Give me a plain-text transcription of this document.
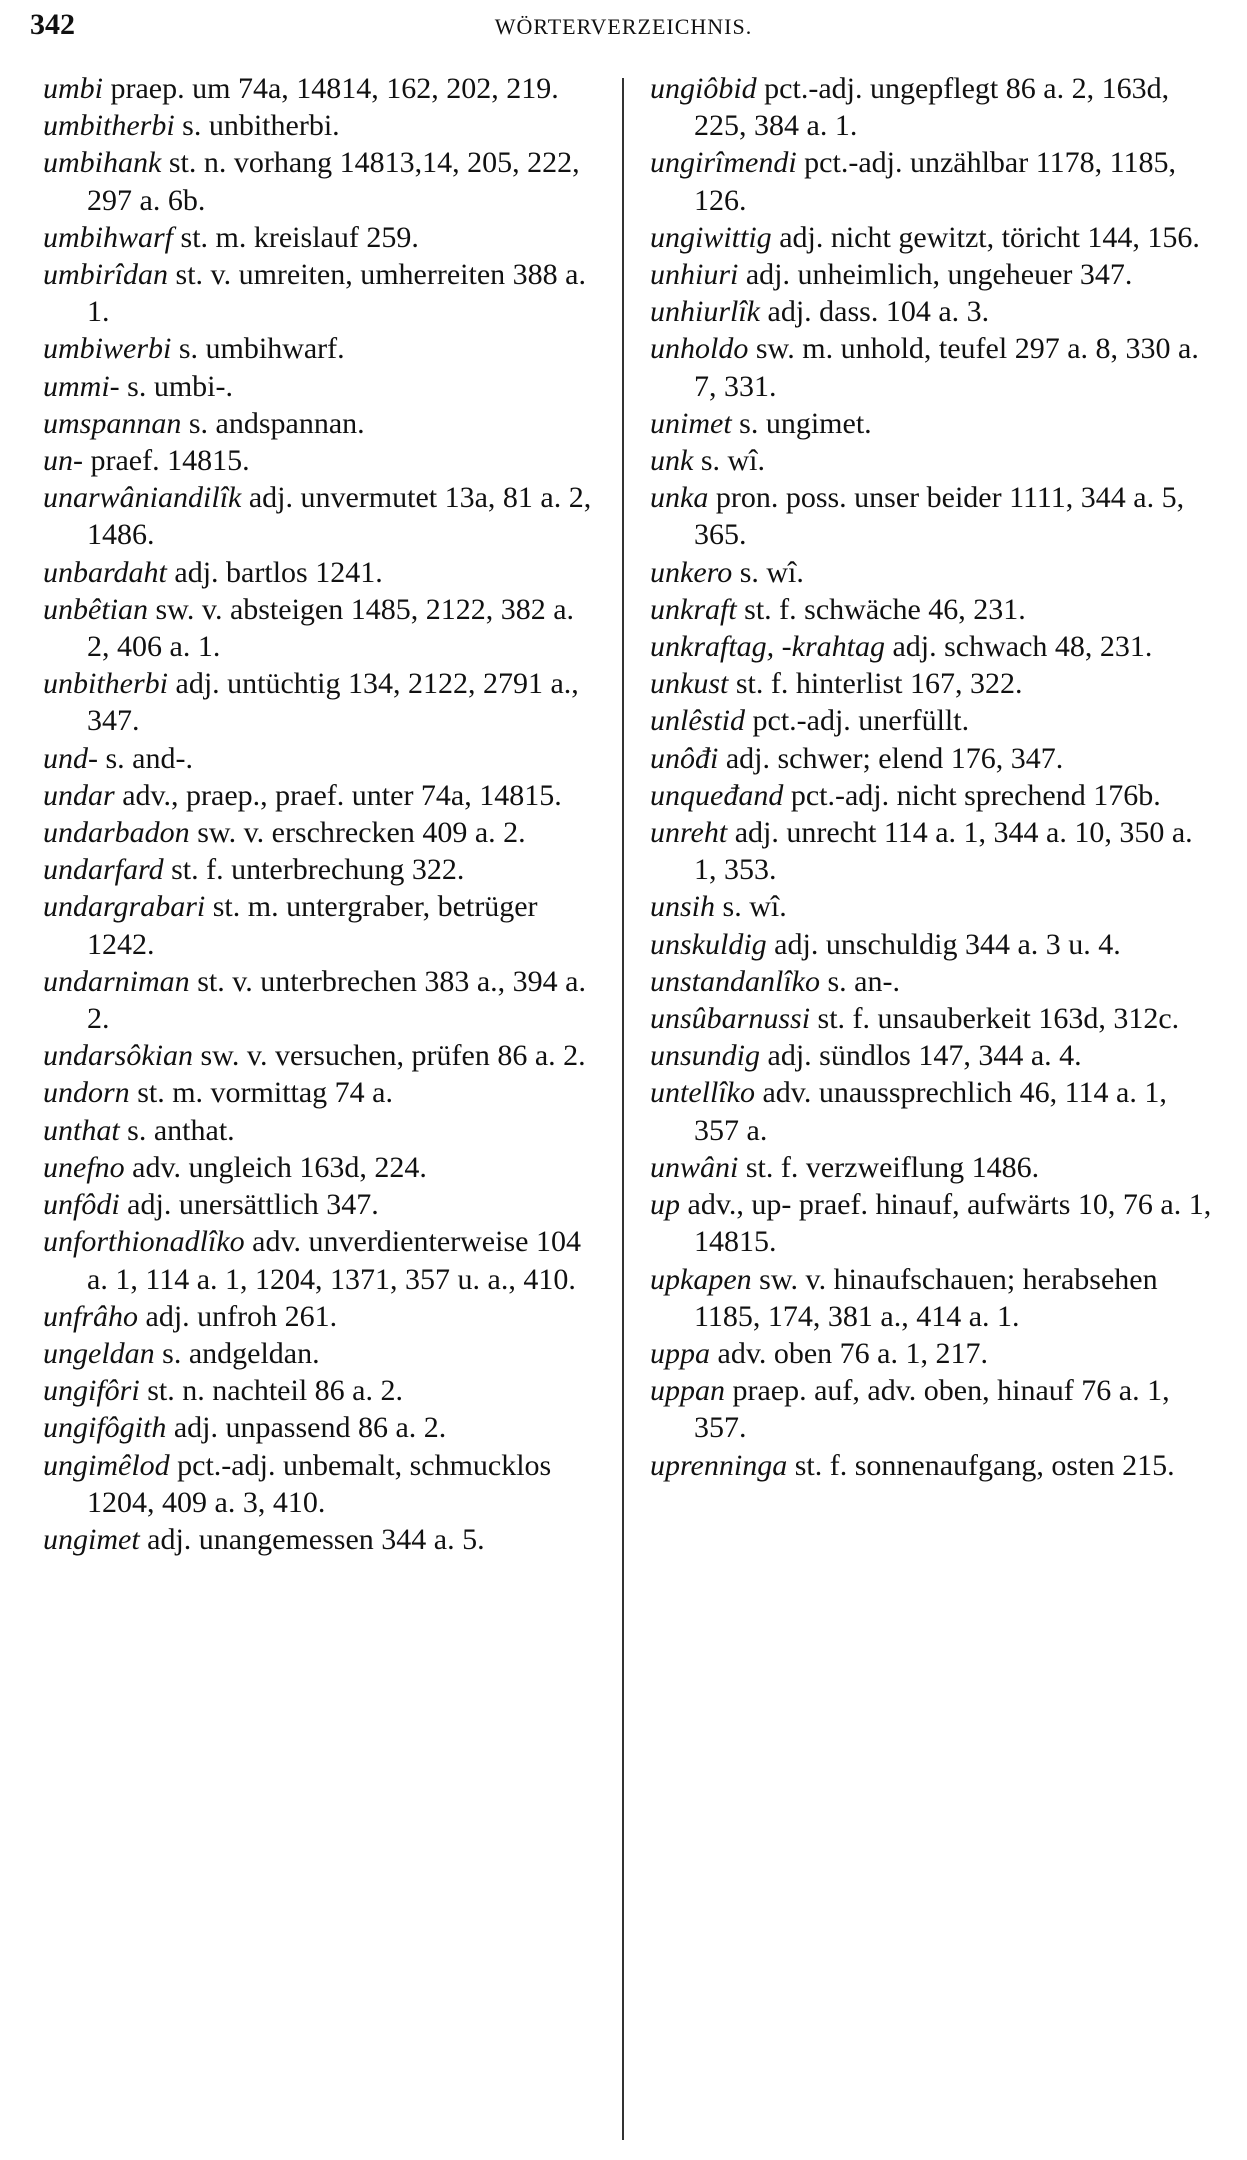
342	WÖRTERVERZEICHNIS.

umbi praep. um 74a, 14814, 162, 202, 219.

umbitherbi s. unbitherbi.

umbihank st. n. vorhang 14813,14, 205, 222, 297 a. 6b.

umbihwarf st. m. kreislauf 259.

umbirîdan st. v. umreiten, umherreiten 388 a. 1.

umbiwerbi s. umbihwarf.

ummi- s. umbi-.

umspannan s. andspannan.

un- praef. 14815.

unarwâniandilîk adj. unvermutet 13a, 81 a. 2, 1486.

unbardaht adj. bartlos 1241.

unbêtian sw. v. absteigen 1485, 2122, 382 a. 2, 406 a. 1.

unbitherbi adj. untüchtig 134, 2122, 2791 a., 347.

und- s. and-.

undar adv., praep., praef. unter 74a, 14815.

undarbadon sw. v. erschrecken 409 a. 2.

undarfard st. f. unterbrechung 322.

undargrabari st. m. untergraber, betrüger 1242.

undarniman st. v. unterbrechen 383 a., 394 a. 2.

undarsôkian sw. v. versuchen, prüfen 86 a. 2.

undorn st. m. vormittag 74 a.

unthat s. anthat.

unefno adv. ungleich 163d, 224.

unfôdi adj. unersättlich 347.

unforthionadlîko adv. unverdienterweise 104 a. 1, 114 a. 1, 1204, 1371, 357 u. a., 410.

unfrâho adj. unfroh 261.

ungeldan s. andgeldan.

ungifôri st. n. nachteil 86 a. 2.

ungifôgith adj. unpassend 86 a. 2.

ungimêlod pct.-adj. unbemalt, schmucklos 1204, 409 a. 3, 410.

ungimet adj. unangemessen 344 a. 5.

ungiôbid pct.-adj. ungepflegt 86 a. 2, 163d, 225, 384 a. 1.

ungirîmendi pct.-adj. unzählbar 1178, 1185, 126.

ungiwittig adj. nicht gewitzt, töricht 144, 156.

unhiuri adj. unheimlich, ungeheuer 347.

unhiurlîk adj. dass. 104 a. 3.

unholdo sw. m. unhold, teufel 297 a. 8, 330 a. 7, 331.

unimet s. ungimet.

unk s. wî.

unka pron. poss. unser beider 1111, 344 a. 5, 365.

unkero s. wî.

unkraft st. f. schwäche 46, 231.

unkraftag, -krahtag adj. schwach 48, 231.

unkust st. f. hinterlist 167, 322.

unlêstid pct.-adj. unerfüllt.

unôđi adj. schwer; elend 176, 347.

unqueđand pct.-adj. nicht sprechend 176b.

unreht adj. unrecht 114 a. 1, 344 a. 10, 350 a. 1, 353.

unsih s. wî.

unskuldig adj. unschuldig 344 a. 3 u. 4.

unstandanlîko s. an-.

unsûbarnussi st. f. unsauberkeit 163d, 312c.

unsundig adj. sündlos 147, 344 a. 4.

untellîko adv. unaussprechlich 46, 114 a. 1, 357 a.

unwâni st. f. verzweiflung 1486.

up adv., up- praef. hinauf, aufwärts 10, 76 a. 1, 14815.

upkapen sw. v. hinaufschauen; herabsehen 1185, 174, 381 a., 414 a. 1.

uppa adv. oben 76 a. 1, 217.

uppan praep. auf, adv. oben, hinauf 76 a. 1, 357.

uprenninga st. f. sonnenaufgang, osten 215.
